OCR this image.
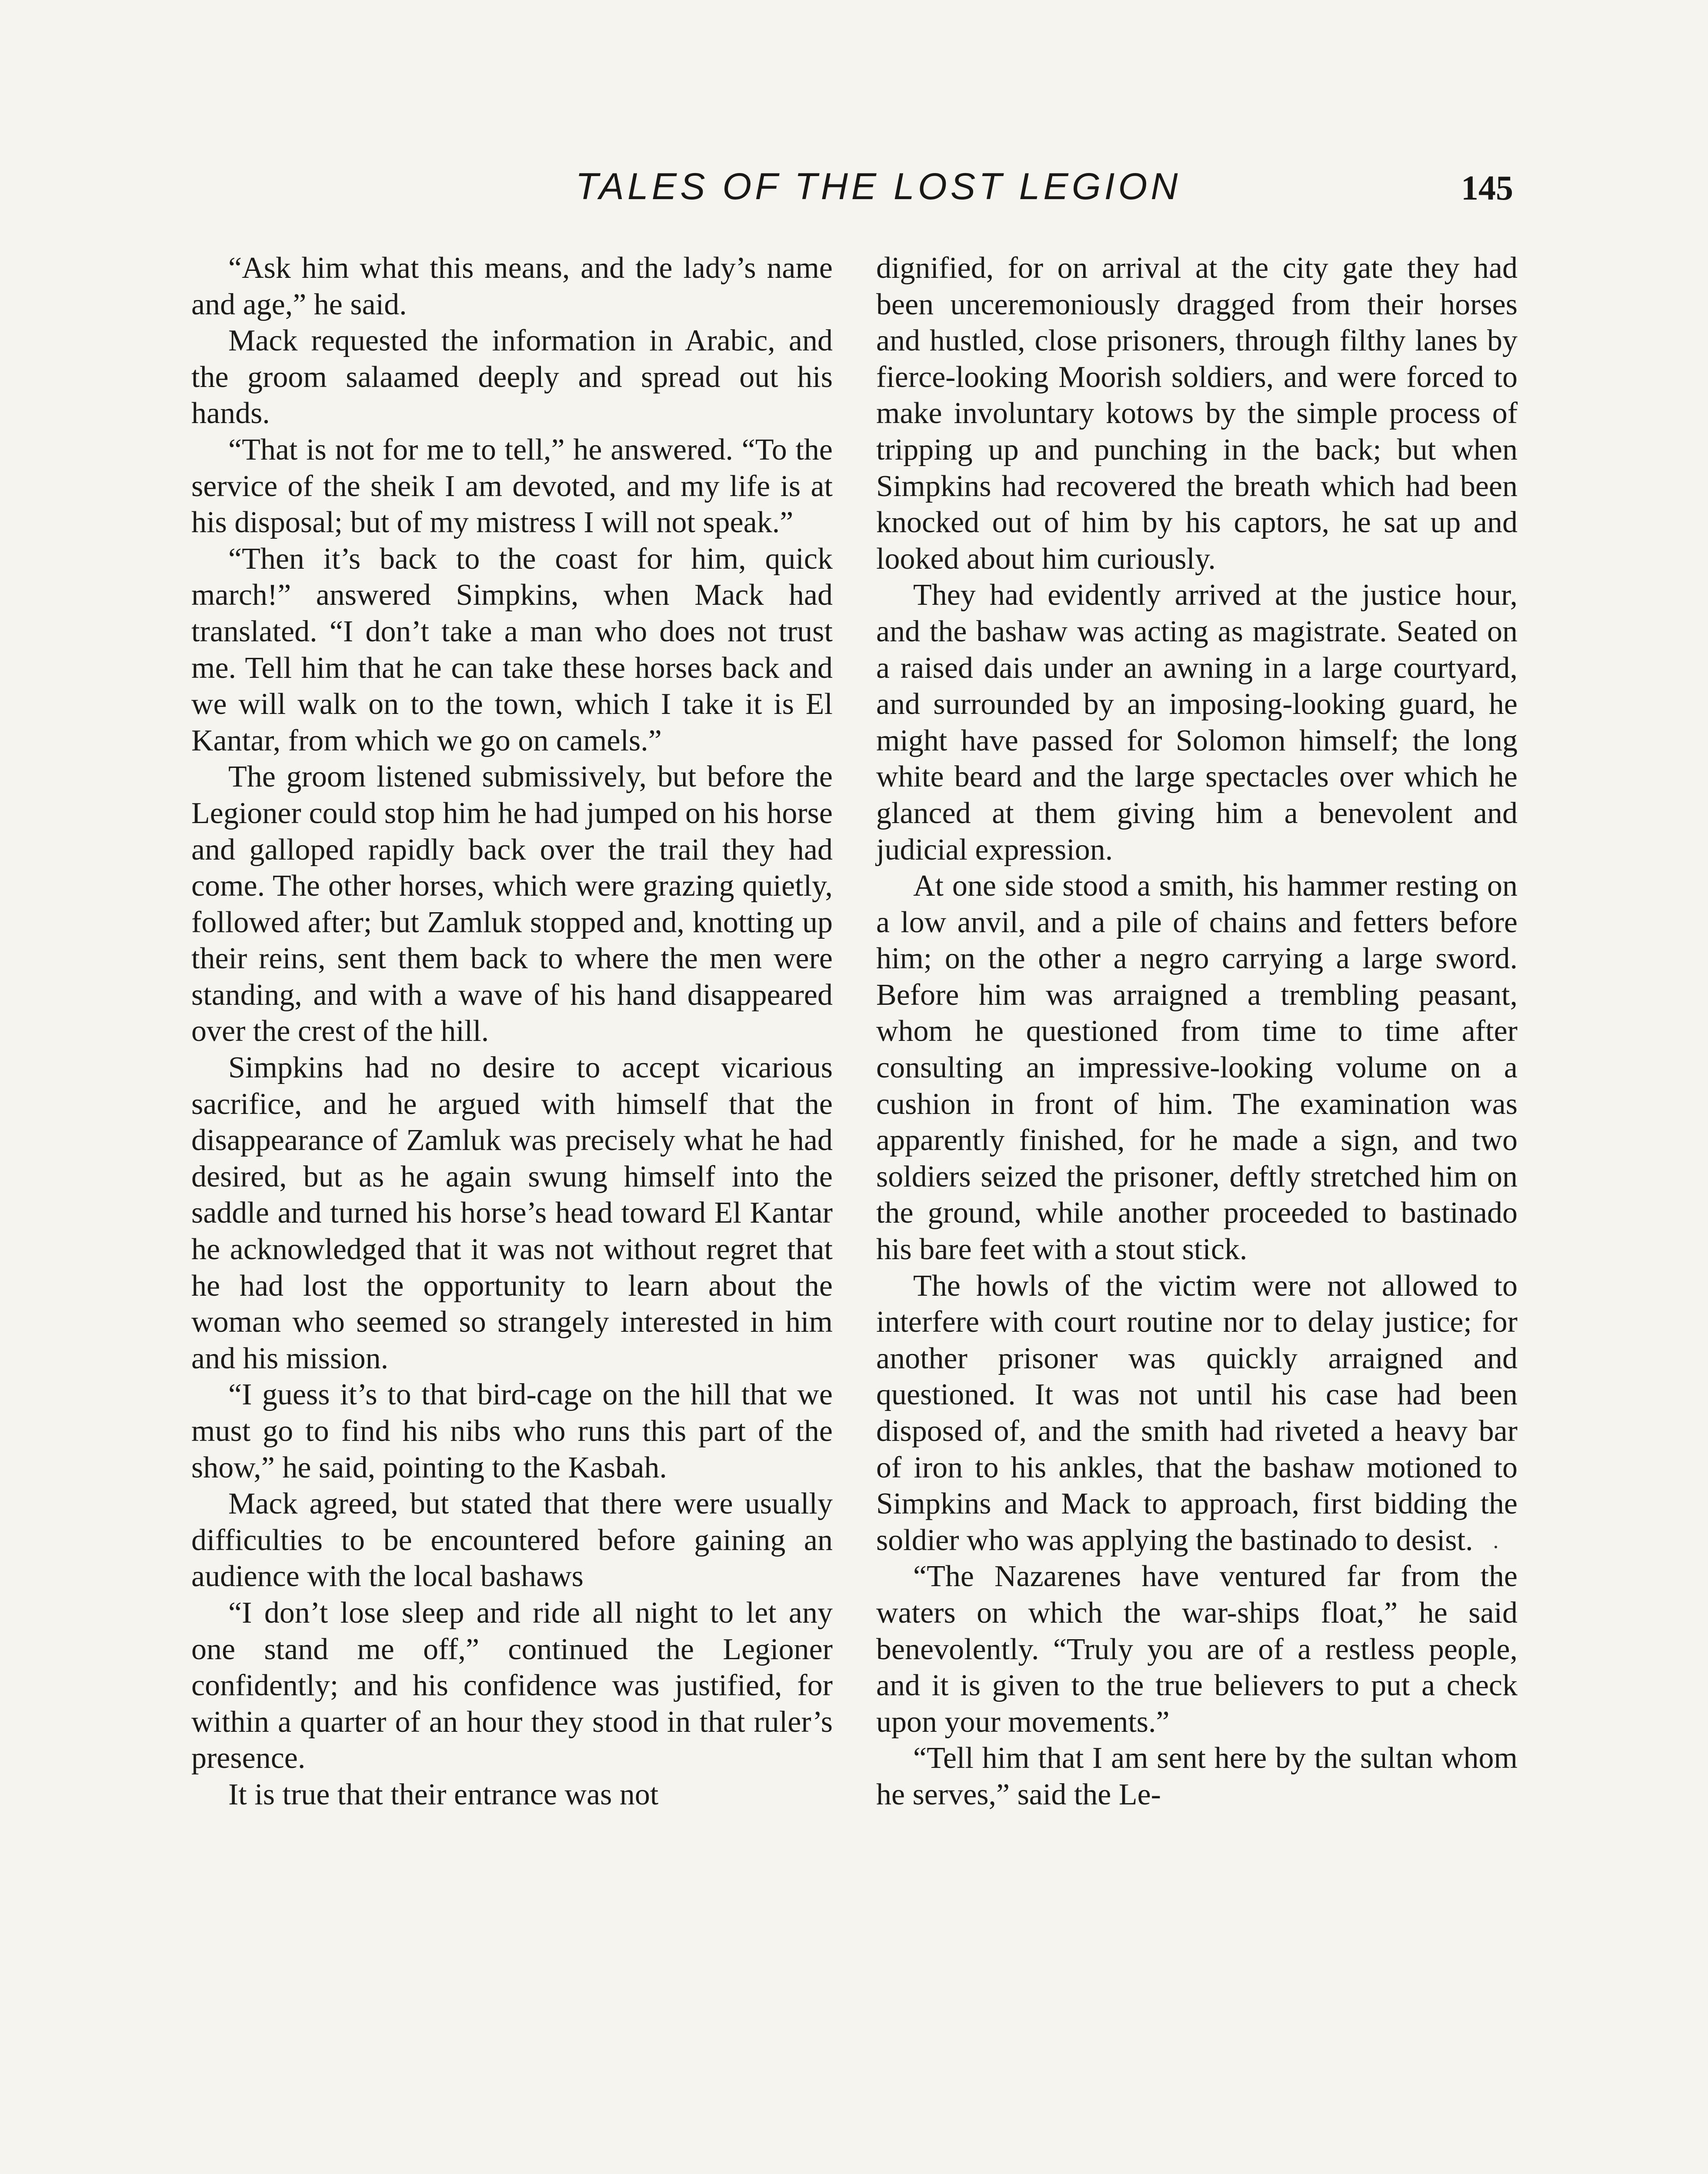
TALES OF THE LOST LEGION	145

“Ask him what this means, and the lady’s name and age,” he said.

Mack requested the information in Arabic, and the groom salaamed deeply and spread out his hands.

“That is not for me to tell,” he answered. “To the service of the sheik I am devoted, and my life is at his disposal; but of my mistress I will not speak.”

“Then it’s back to the coast for him, quick march!” answered Simpkins, when Mack had translated. “I don’t take a man who does not trust me. Tell him that he can take these horses back and we will walk on to the town, which I take it is El Kantar, from which we go on camels.”

The groom listened submissively, but before the Legioner could stop him he had jumped on his horse and galloped rapidly back over the trail they had come. The other horses, which were grazing quietly, followed after; but Zamluk stopped and, knotting up their reins, sent them back to where the men were standing, and with a wave of his hand disappeared over the crest of the hill.

Simpkins had no desire to accept vicarious sacrifice, and he argued with himself that the disappearance of Zamluk was precisely what he had desired, but as he again swung himself into the saddle and turned his horse’s head toward El Kantar he acknowledged that it was not without regret that he had lost the opportunity to learn about the woman who seemed so strangely interested in him and his mission.

“I guess it’s to that bird-cage on the hill that we must go to find his nibs who runs this part of the show,” he said, pointing to the Kasbah.

Mack agreed, but stated that there were usually difficulties to be encountered before gaining an audience with the local bashaws

“I don’t lose sleep and ride all night to let any one stand me off,” continued the Legioner confidently; and his confidence was justified, for within a quarter of an hour they stood in that ruler’s presence.

It is true that their entrance was not

dignified, for on arrival at the city gate they had been unceremoniously dragged from their horses and hustled, close prisoners, through filthy lanes by fierce-looking Moorish soldiers, and were forced to make involuntary kotows by the simple process of tripping up and punching in the back; but when Simpkins had recovered the breath which had been knocked out of him by his captors, he sat up and looked about him curiously.

They had evidently arrived at the justice hour, and the bashaw was acting as magistrate. Seated on a raised dais under an awning in a large courtyard, and surrounded by an imposing-looking guard, he might have passed for Solomon himself; the long white beard and the large spectacles over which he glanced at them giving him a benevolent and judicial expression.

At one side stood a smith, his hammer resting on a low anvil, and a pile of chains and fetters before him; on the other a negro carrying a large sword. Before him was arraigned a trembling peasant, whom he questioned from time to time after consulting an impressive-looking volume on a cushion in front of him. The examination was apparently finished, for he made a sign, and two soldiers seized the prisoner, deftly stretched him on the ground, while another proceeded to bastinado his bare feet with a stout stick.

The howls of the victim were not allowed to interfere with court routine nor to delay justice; for another prisoner was quickly arraigned and questioned. It was not until his case had been disposed of, and the smith had riveted a heavy bar of iron to his ankles, that the bashaw motioned to Simpkins and Mack to approach, first bidding the soldier who was applying the bastinado to desist.

“The Nazarenes have ventured far from the waters on which the war-ships float,” he said benevolently. “Truly you are of a restless people, and it is given to the true believers to put a check upon your movements.”

“Tell him that I am sent here by the sultan whom he serves,” said the Le-
